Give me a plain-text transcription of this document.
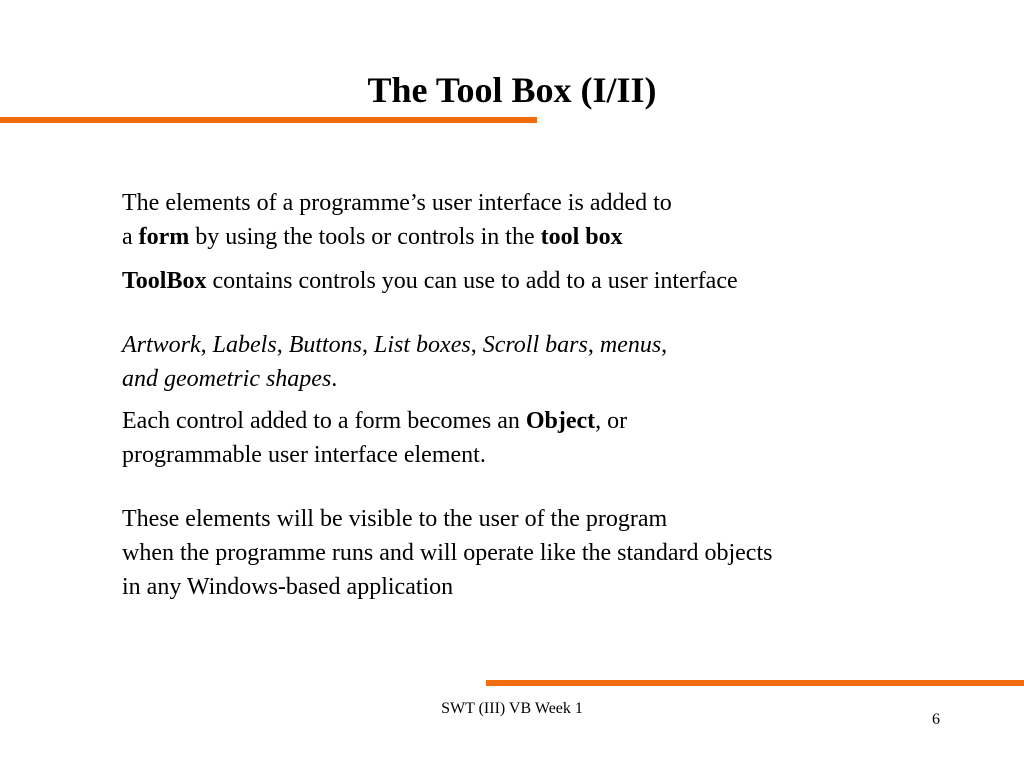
The Tool Box (I/II)

The elements of a programme’s user interface is added to
a form by using the tools or controls in the tool box

ToolBox contains controls you can use to add to a user interface

Artwork, Labels, Buttons, List boxes, Scroll bars, menus,
and geometric shapes.

Each control added to a form becomes an Object, or
programmable user interface element.

These elements will be visible to the user of the program
when the programme runs and will operate like the standard objects
in any Windows-based application

SWT (III) VB Week 1
6
